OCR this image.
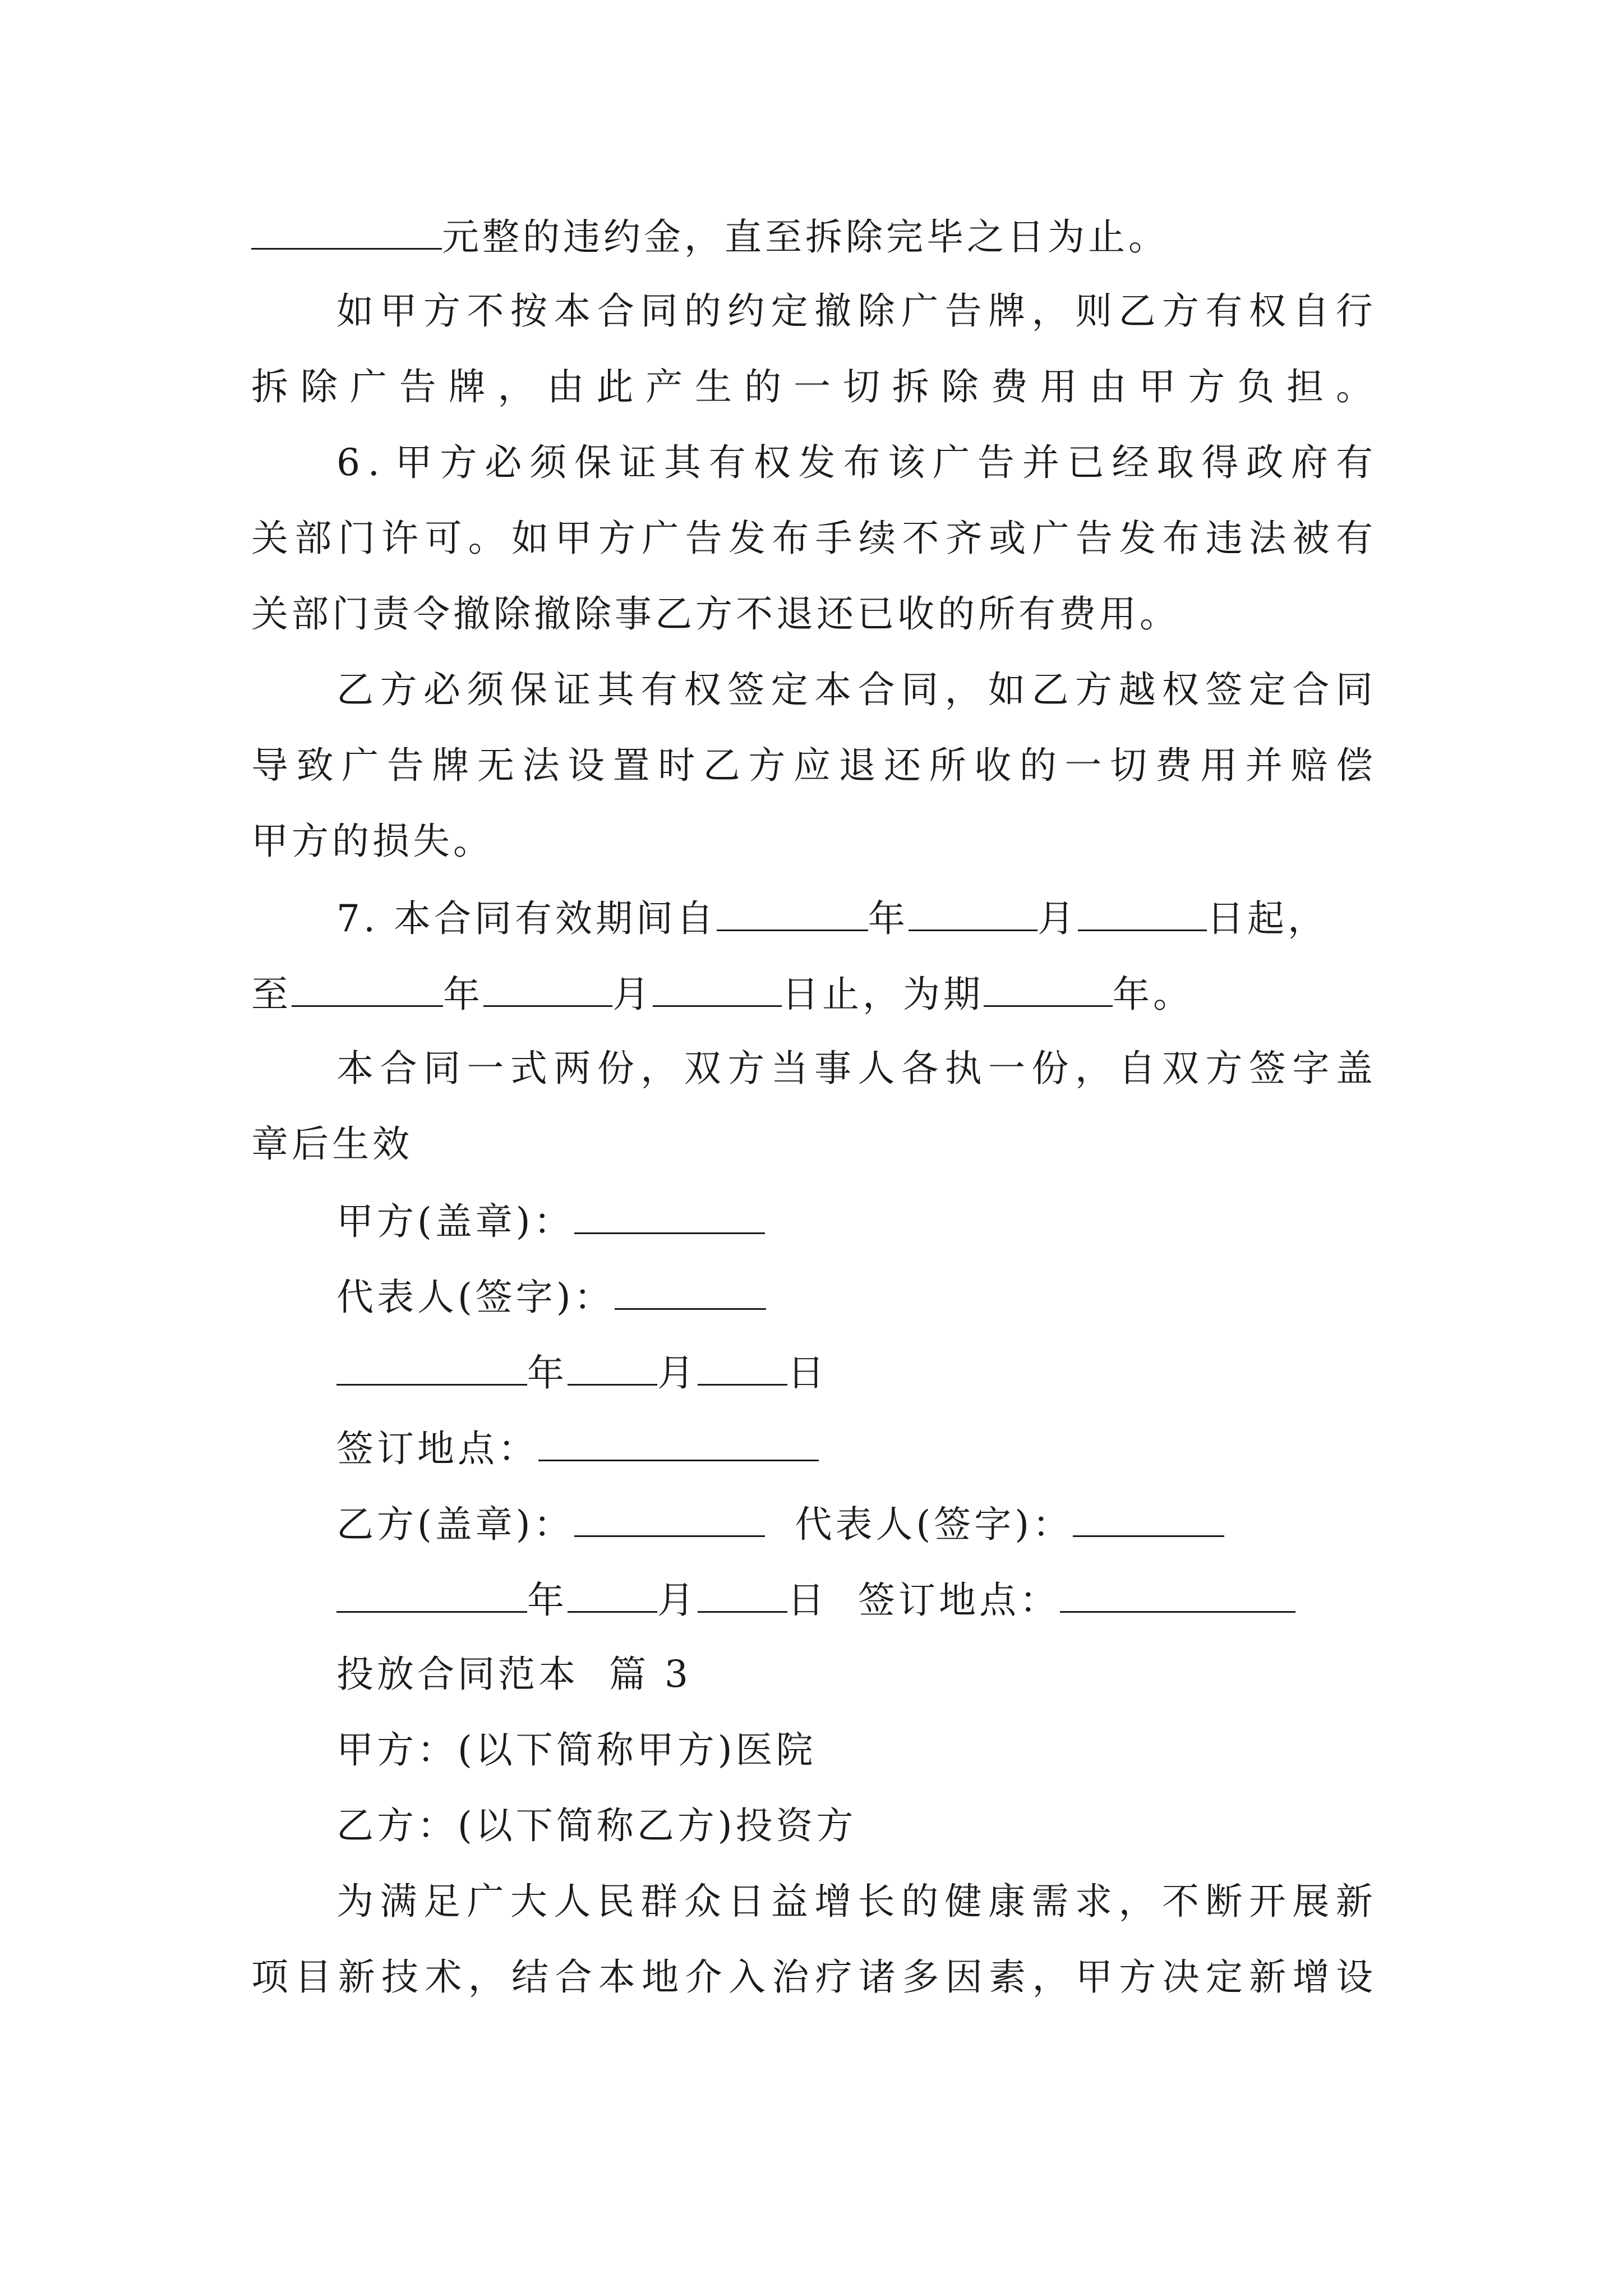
元整的违约金，直至拆除完毕之日为止。
如 甲 方 不 按 本 合 同 的 约 定 撤 除 广 告 牌 ， 则 乙 方 有 权 自 行
拆 除 广 告 牌 ， 由 此 产 生 的 一 切 拆 除 费 用 由 甲 方 负 担 。
6 . 甲 方 必 须 保 证 其 有 权 发 布 该 广 告 并 已 经 取 得 政 府 有
关 部 门 许 可 。 如 甲 方 广 告 发 布 手 续 不 齐 或 广 告 发 布 违 法 被 有
关部门责令撤除撤除事乙方不退还已收的所有费用。
乙 方 必 须 保 证 其 有 权 签 定 本 合 同 ， 如 乙 方 越 权 签 定 合 同
导 致 广 告 牌 无 法 设 置 时 乙 方 应 退 还 所 收 的 一 切 费 用 并 赔 偿
甲方的损失。
7. 本合同有效期间自	年	月	日起，
至	年	月	日止，为期	年。
本 合 同 一 式 两 份 ， 双 方 当 事 人 各 执 一 份 ， 自 双 方 签 字 盖
章后生效
甲方(盖章)：
代表人(签字)：
年 月 日
签订地点：
乙方(盖章)：	代表人(签字)：
年 月 日  签订地点：
投放合同范本  篇 3
甲方：(以下简称甲方)医院
乙方：(以下简称乙方)投资方
为 满 足 广 大 人 民 群 众 日 益 增 长 的 健 康 需 求 ， 不 断 开 展 新
项 目 新 技 术 ， 结 合 本 地 介 入 治 疗 诸 多 因 素 ， 甲 方 决 定 新 增 设
